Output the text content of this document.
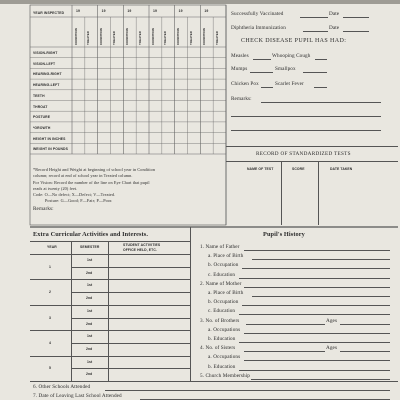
YEAR INSPECTED	19	19	19	19	19	19
CONDITION	TREATED	CONDITION	TREATED	CONDITION	TREATED	CONDITION	TREATED	CONDITION	TREATED	CONDITION	TREATED
VISION-RIGHT
VISION-LEFT
HEARING-RIGHT
HEARING-LEFT
TEETH
THROAT
POSTURE
*GROWTH
HEIGHT IN INCHES
WEIGHT IN POUNDS
*Record Height and Weight at beginning of school year in Condition
column; record at end of school year in Treated column.
For Vision: Record the number of the line on Eye Chart that pupil
reads at twenty (20) feet.
Code: O—No defect; X—Defect; V—Treated.
Posture: G—Good; F—Fair; P—Poor.
Remarks:
Successfully Vaccinated	Date
Diphtheria Immunization	Date
CHECK DISEASE PUPIL HAS HAD:
Measles	Whooping Cough
Mumps	Smallpox
Chicken Pox	Scarlet Fever
Remarks:
RECORD OF STANDARDIZED TESTS
NAME OF TEST	SCORE	DATE TAKEN
Extra Curricular Activities and Interests.
YEAR	SEMESTER	STUDENT ACTIVITIES
OFFICE HELD, ETC.
1
1st
2nd
2
1st
2nd
3
1st
2nd
4
1st
2nd
5
1st
2nd
Pupil's History
1. Name of Father
a. Place of Birth
b. Occupation
c. Education
2. Name of Mother
a. Place of Birth
b. Occupation
c. Education
3. No. of Brothers	Ages
a. Occupations
b. Education
4. No. of Sisters	Ages
a. Occupations
b. Education
5. Church Membership
6. Other Schools Attended
7. Date of Leaving Last School Attended
